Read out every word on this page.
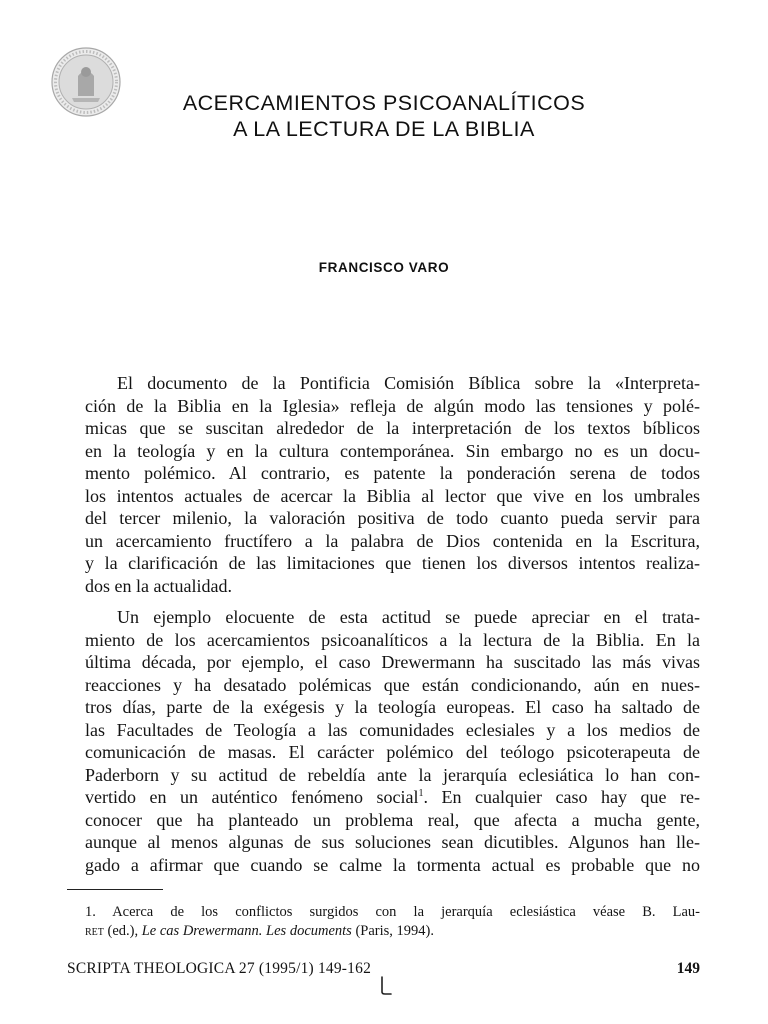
ACERCAMIENTOS PSICOANALÍTICOS
A LA LECTURA DE LA BIBLIA
FRANCISCO VARO
El documento de la Pontificia Comisión Bíblica sobre la «Interpreta-
ción de la Biblia en la Iglesia» refleja de algún modo las tensiones y polé-
micas que se suscitan alrededor de la interpretación de los textos bíblicos
en la teología y en la cultura contemporánea. Sin embargo no es un docu-
mento polémico. Al contrario, es patente la ponderación serena de todos
los intentos actuales de acercar la Biblia al lector que vive en los umbrales
del tercer milenio, la valoración positiva de todo cuanto pueda servir para
un acercamiento fructífero a la palabra de Dios contenida en la Escritura,
y la clarificación de las limitaciones que tienen los diversos intentos realiza-
dos en la actualidad.
Un ejemplo elocuente de esta actitud se puede apreciar en el trata-
miento de los acercamientos psicoanalíticos a la lectura de la Biblia. En la
última década, por ejemplo, el caso Drewermann ha suscitado las más vivas
reacciones y ha desatado polémicas que están condicionando, aún en nues-
tros días, parte de la exégesis y la teología europeas. El caso ha saltado de
las Facultades de Teología a las comunidades eclesiales y a los medios de
comunicación de masas. El carácter polémico del teólogo psicoterapeuta de
Paderborn y su actitud de rebeldía ante la jerarquía eclesiática lo han con-
vertido en un auténtico fenómeno social$^1$. En cualquier caso hay que re-
conocer que ha planteado un problema real, que afecta a mucha gente,
aunque al menos algunas de sus soluciones sean dicutibles. Algunos han lle-
gado a afirmar que cuando se calme la tormenta actual es probable que no
1. Acerca de los conflictos surgidos con la jerarquía eclesiástica véase B. Lau-
ret (ed.), Le cas Drewermann. Les documents (Paris, 1994).
SCRIPTA THEOLOGICA 27 (1995/1) 149-162	149
